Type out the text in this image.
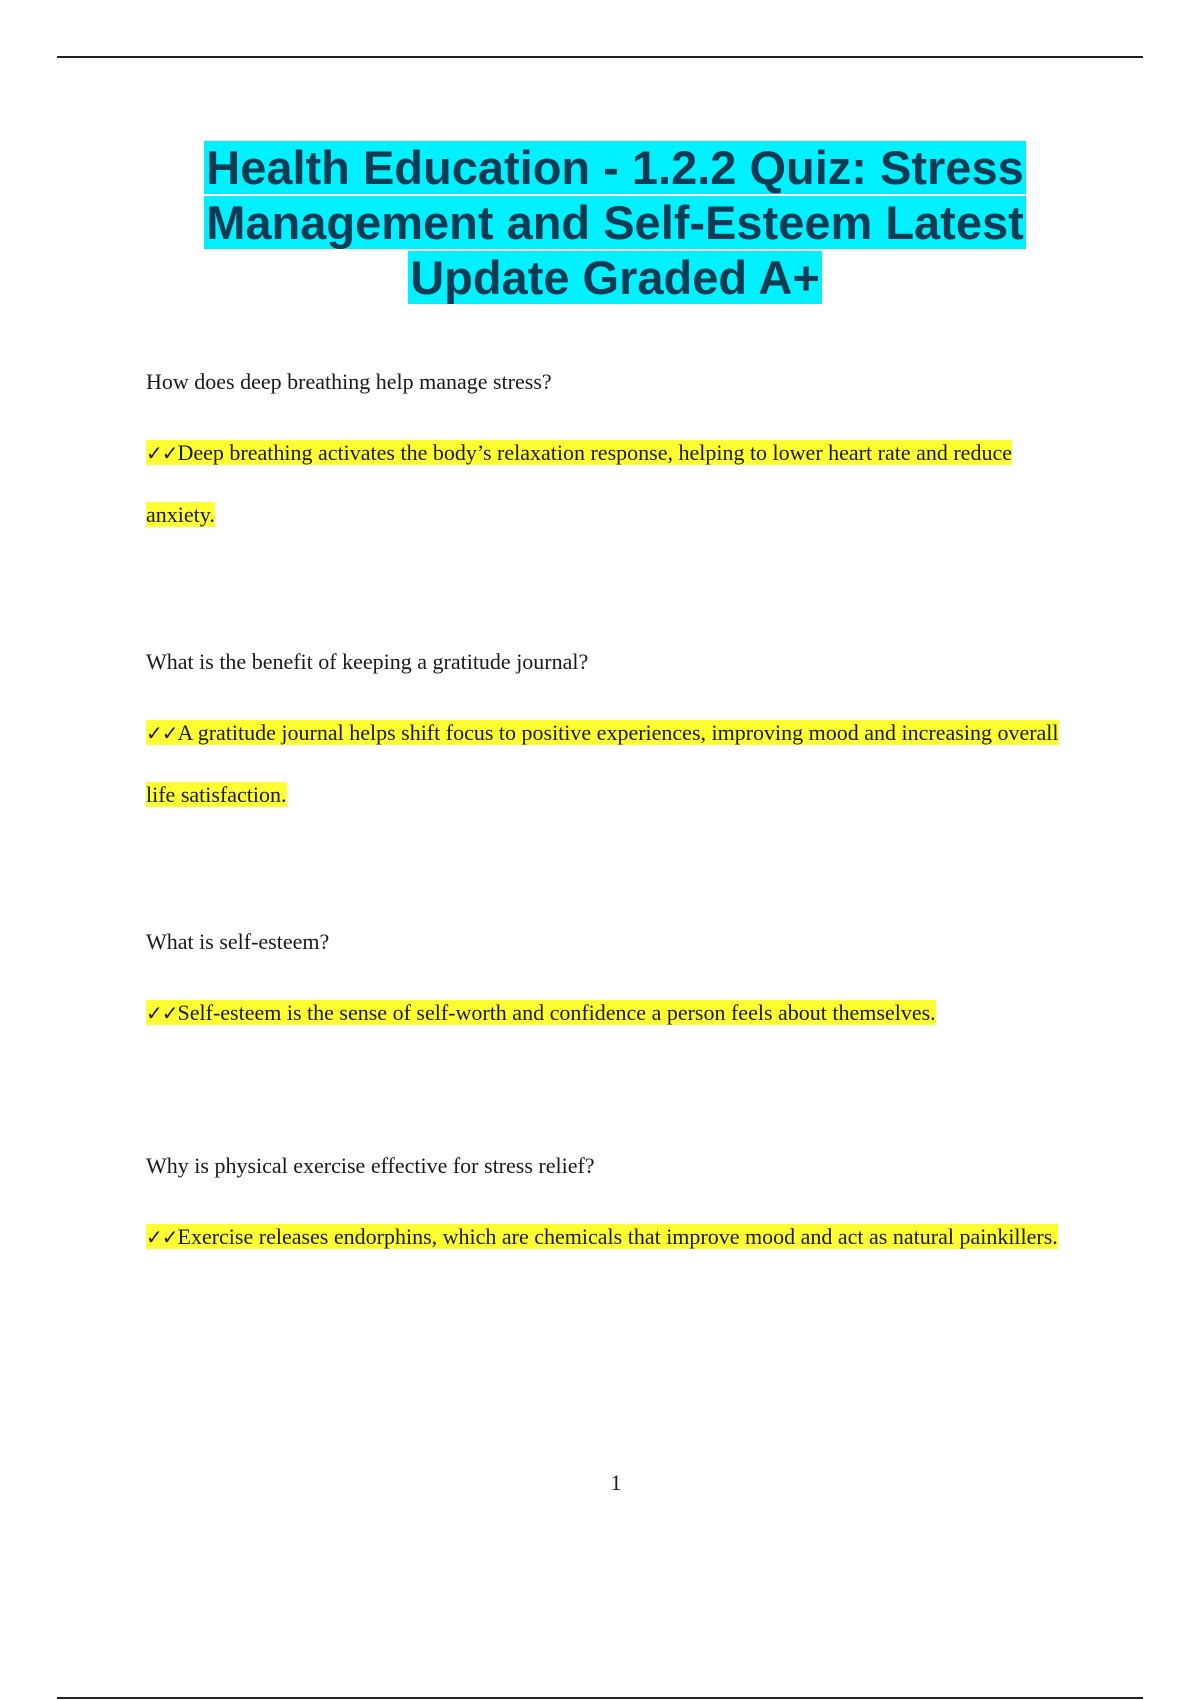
Health Education - 1.2.2 Quiz: Stress Management and Self-Esteem Latest Update Graded A+

How does deep breathing help manage stress?

✓✓Deep breathing activates the body’s relaxation response, helping to lower heart rate and reduce anxiety.

What is the benefit of keeping a gratitude journal?

✓✓A gratitude journal helps shift focus to positive experiences, improving mood and increasing overall life satisfaction.

What is self-esteem?

✓✓Self-esteem is the sense of self-worth and confidence a person feels about themselves.

Why is physical exercise effective for stress relief?

✓✓Exercise releases endorphins, which are chemicals that improve mood and act as natural painkillers.

1
